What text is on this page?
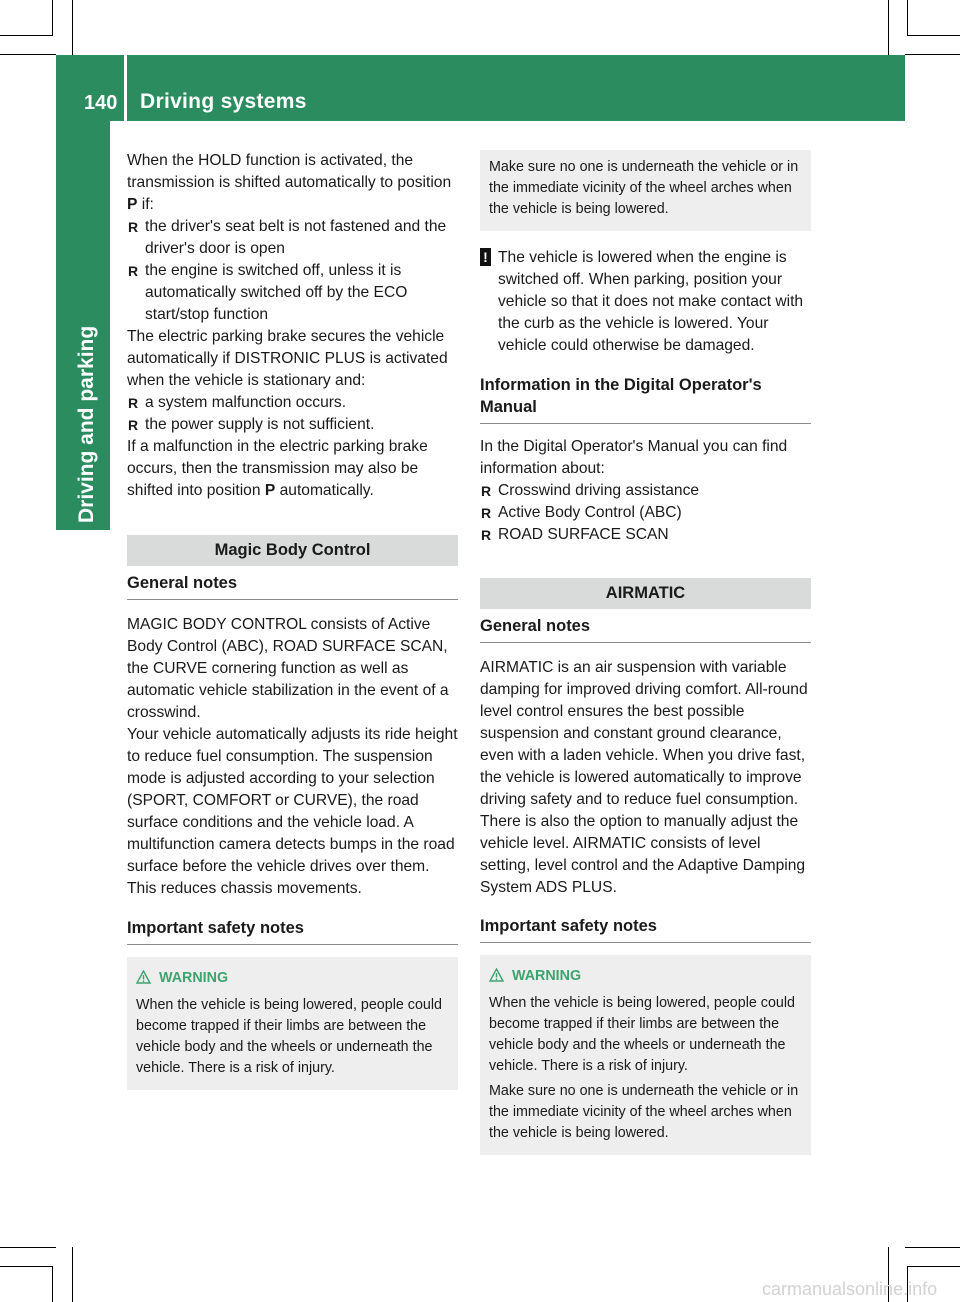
140 Driving systems
Driving and parking

When the HOLD function is activated, the transmission is shifted automatically to position P if:

R the driver's seat belt is not fastened and the driver's door is open
R the engine is switched off, unless it is automatically switched off by the ECO start/stop function

The electric parking brake secures the vehicle automatically if DISTRONIC PLUS is activated when the vehicle is stationary and:

R a system malfunction occurs.
R the power supply is not sufficient.

If a malfunction in the electric parking brake occurs, then the transmission may also be shifted into position P automatically.

Magic Body Control
General notes

MAGIC BODY CONTROL consists of Active Body Control (ABC), ROAD SURFACE SCAN, the CURVE cornering function as well as automatic vehicle stabilization in the event of a crosswind.

Your vehicle automatically adjusts its ride height to reduce fuel consumption. The suspension mode is adjusted according to your selection (SPORT, COMFORT or CURVE), the road surface conditions and the vehicle load. A multifunction camera detects bumps in the road surface before the vehicle drives over them. This reduces chassis movements.

Important safety notes
WARNING

When the vehicle is being lowered, people could become trapped if their limbs are between the vehicle body and the wheels or underneath the vehicle. There is a risk of injury.

Make sure no one is underneath the vehicle or in the immediate vicinity of the wheel arches when the vehicle is being lowered.
! The vehicle is lowered when the engine is switched off. When parking, position your vehicle so that it does not make contact with the curb as the vehicle is lowered. Your vehicle could otherwise be damaged.
Information in the Digital Operator's Manual

In the Digital Operator's Manual you can find information about:

R Crosswind driving assistance
R Active Body Control (ABC)
R ROAD SURFACE SCAN
AIRMATIC
General notes

AIRMATIC is an air suspension with variable damping for improved driving comfort. All-round level control ensures the best possible suspension and constant ground clearance, even with a laden vehicle. When you drive fast, the vehicle is lowered automatically to improve driving safety and to reduce fuel consumption. There is also the option to manually adjust the vehicle level. AIRMATIC consists of level setting, level control and the Adaptive Damping System ADS PLUS.

Important safety notes
WARNING

When the vehicle is being lowered, people could become trapped if their limbs are between the vehicle body and the wheels or underneath the vehicle. There is a risk of injury.

Make sure no one is underneath the vehicle or in the immediate vicinity of the wheel arches when the vehicle is being lowered.

carmanualsonline.info
